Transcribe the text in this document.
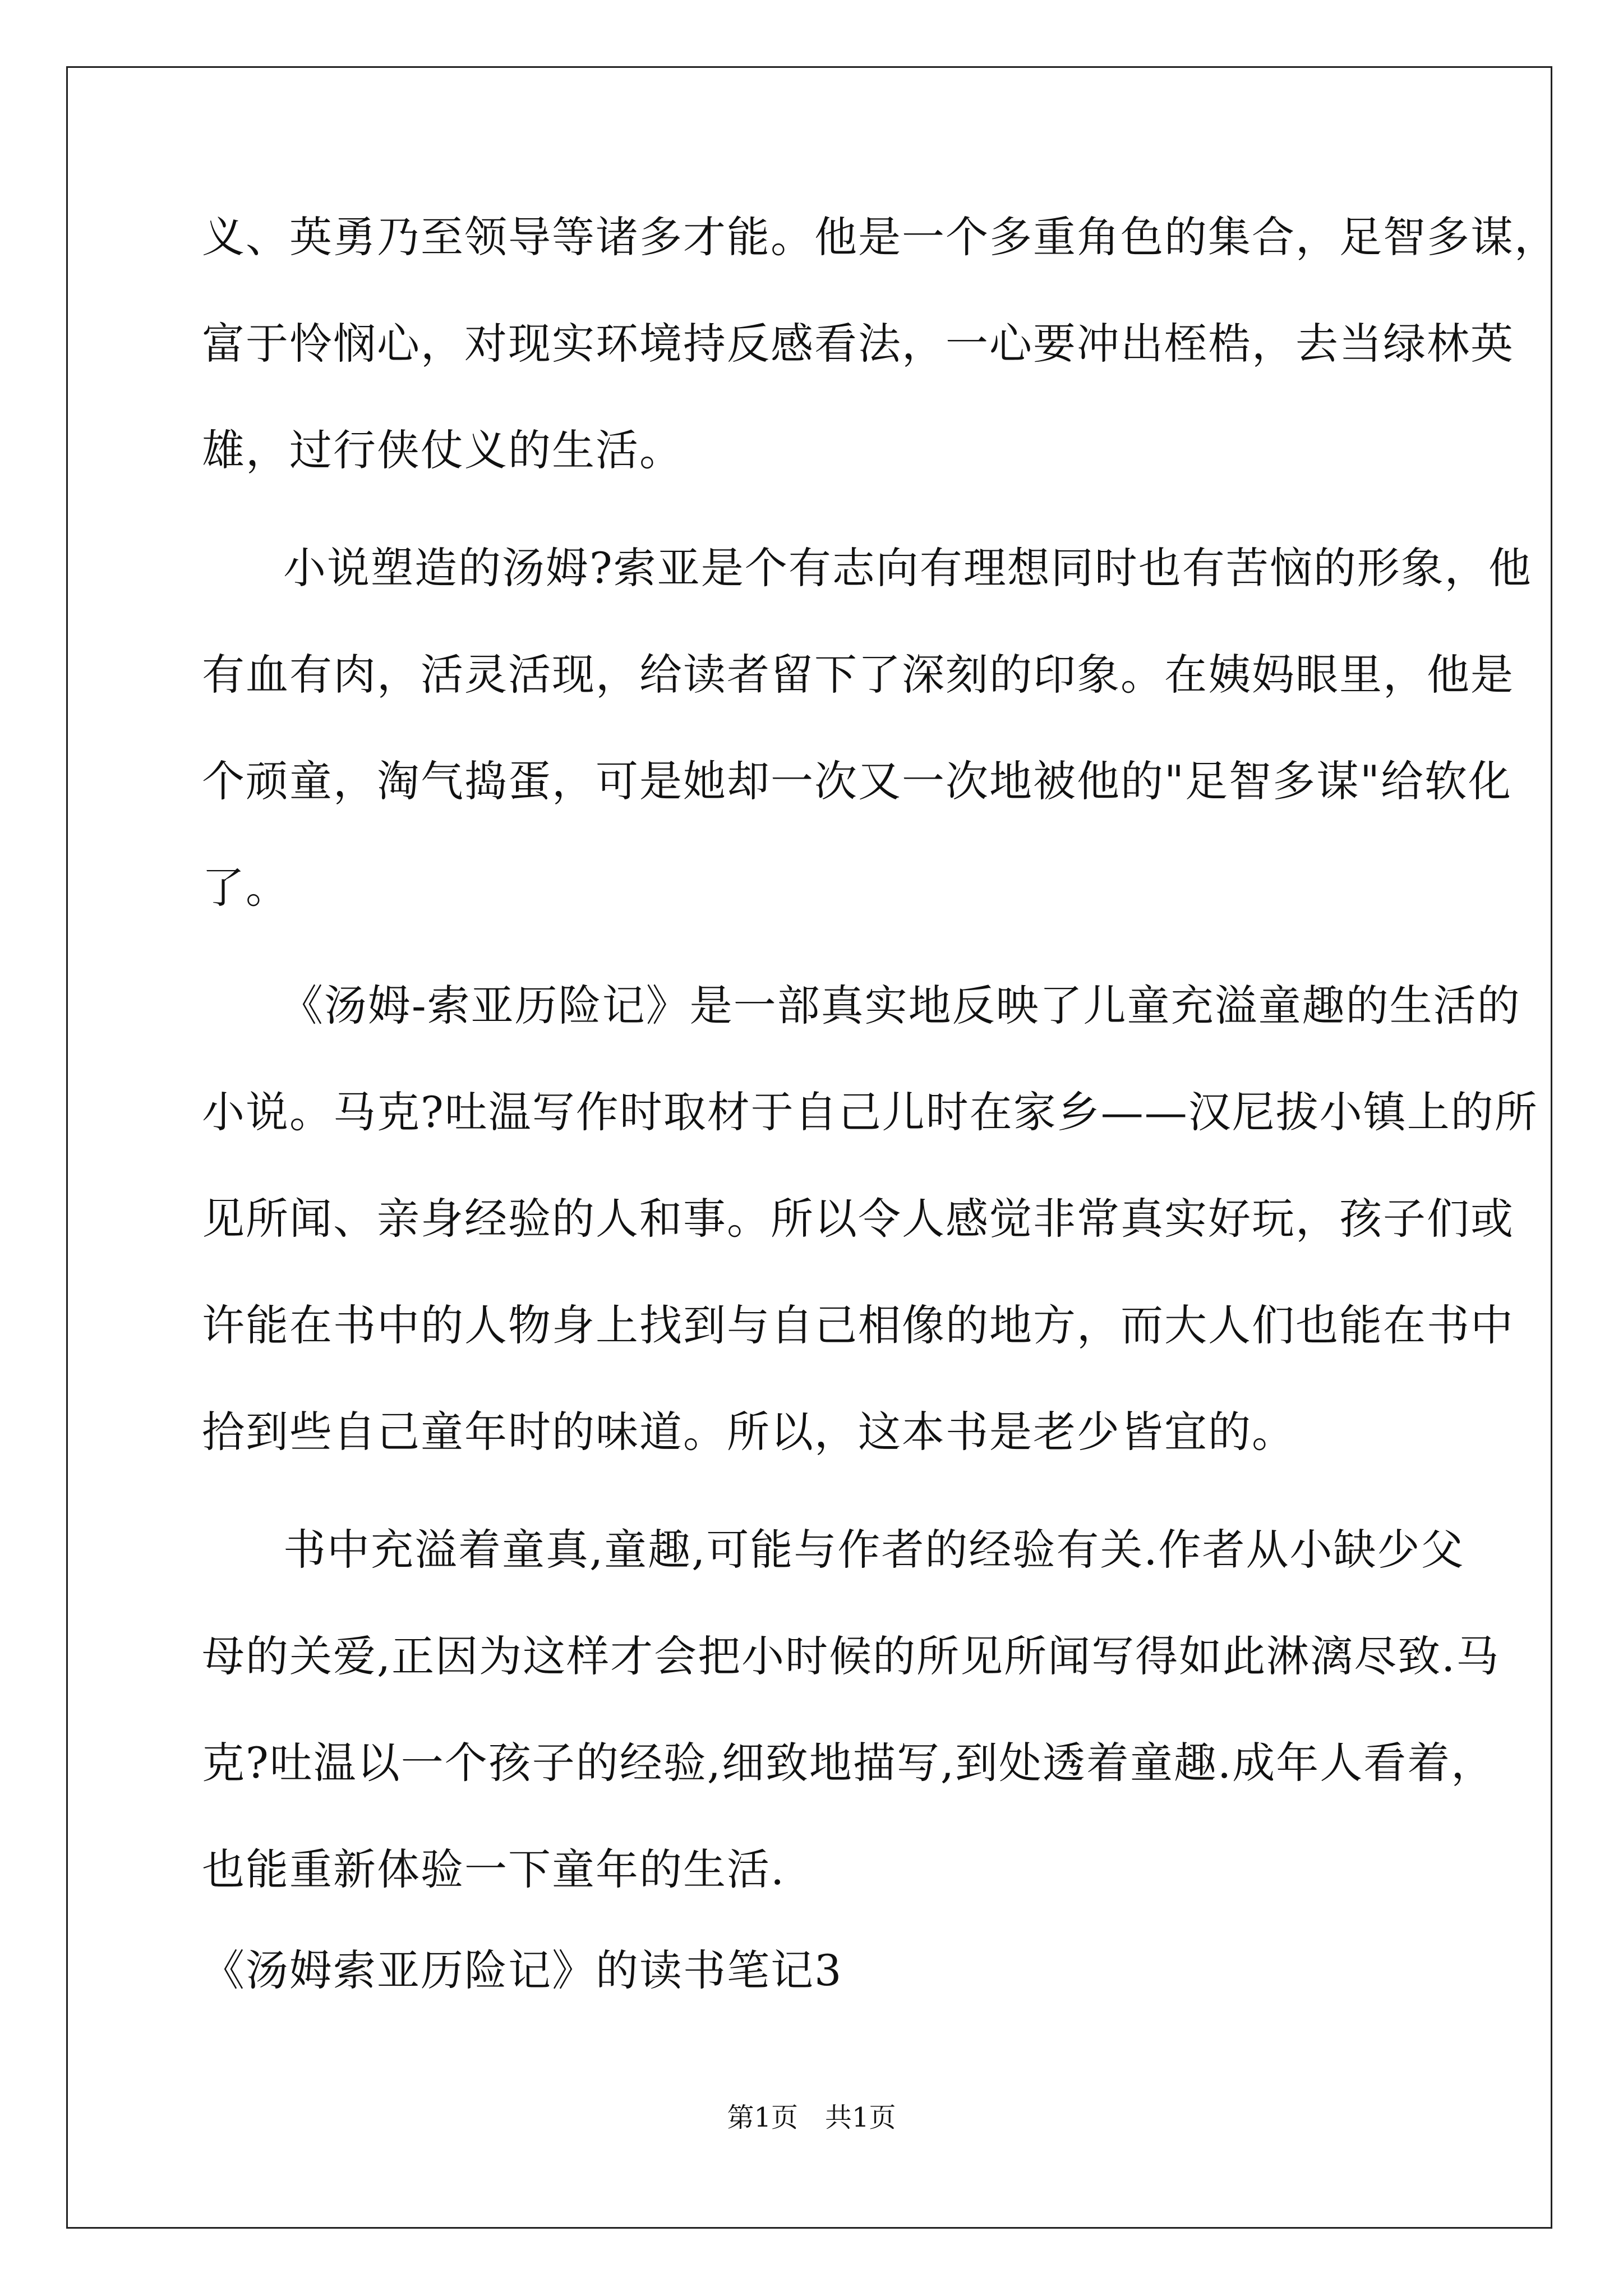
义、英勇乃至领导等诸多才能。他是一个多重角色的集合，足智多谋，
富于怜悯心，对现实环境持反感看法，一心要冲出桎梏，去当绿林英
雄，过行侠仗义的生活。
小说塑造的汤姆?索亚是个有志向有理想同时也有苦恼的形象，他
有血有肉，活灵活现，给读者留下了深刻的印象。在姨妈眼里，他是
个顽童，淘气捣蛋，可是她却一次又一次地被他的"足智多谋"给软化
了。
《汤姆-索亚历险记》是一部真实地反映了儿童充溢童趣的生活的
小说。马克?吐温写作时取材于自己儿时在家乡——汉尼拔小镇上的所
见所闻、亲身经验的人和事。所以令人感觉非常真实好玩，孩子们或
许能在书中的人物身上找到与自己相像的地方，而大人们也能在书中
拾到些自己童年时的味道。所以，这本书是老少皆宜的。
书中充溢着童真,童趣,可能与作者的经验有关.作者从小缺少父
母的关爱,正因为这样才会把小时候的所见所闻写得如此淋漓尽致.马
克?吐温以一个孩子的经验,细致地描写,到处透着童趣.成年人看着，
也能重新体验一下童年的生活.
《汤姆索亚历险记》的读书笔记3
第1页　共1页
